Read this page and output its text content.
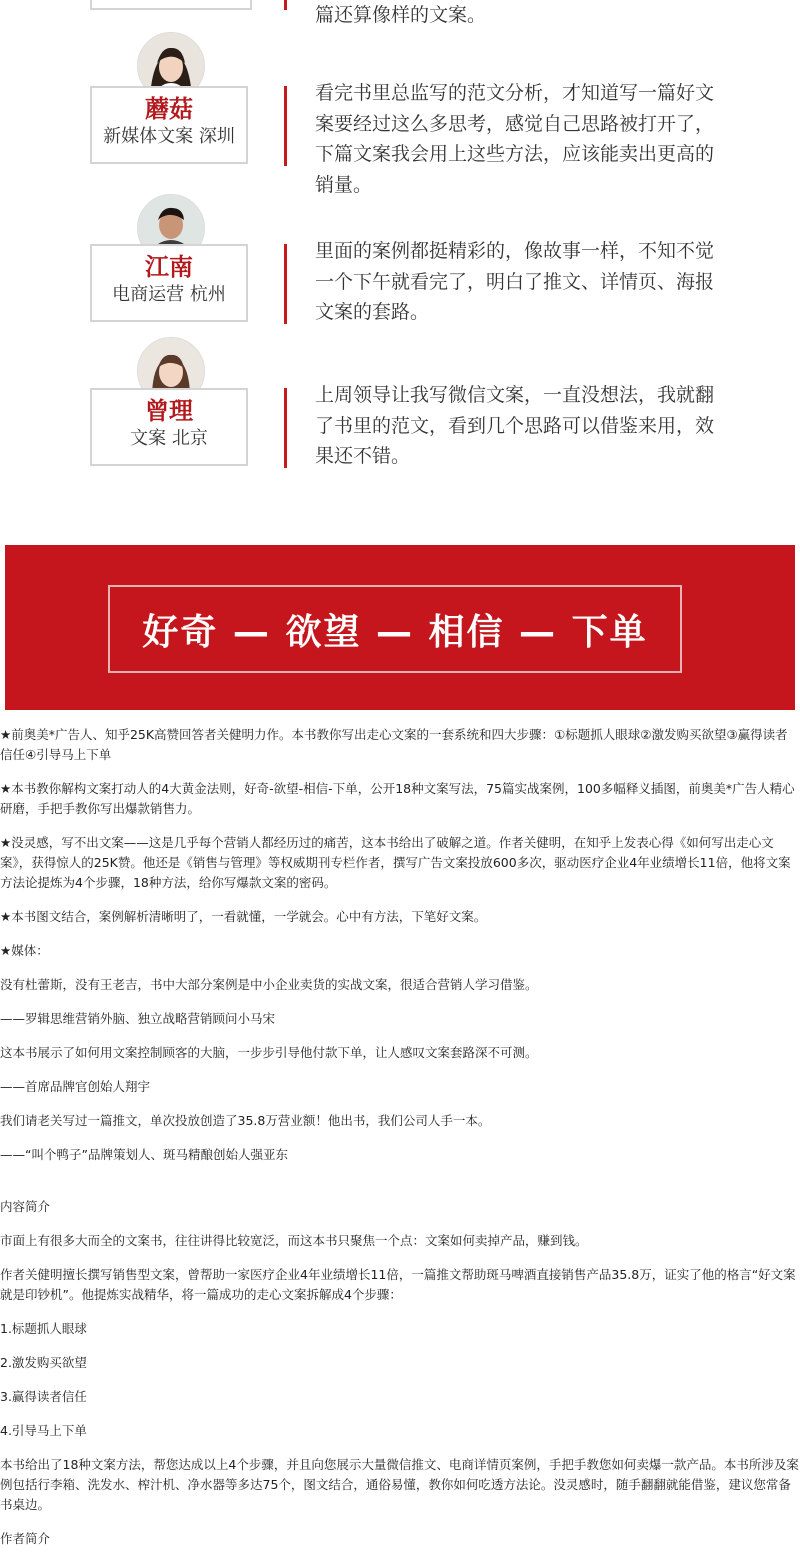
篇还算像样的文案。

蘑菇
新媒体文案 深圳

看完书里总监写的范文分析，才知道写一篇好文案要经过这么多思考，感觉自己思路被打开了，下篇文案我会用上这些方法，应该能卖出更高的销量。

江南
电商运营 杭州

里面的案例都挺精彩的，像故事一样，不知不觉一个下午就看完了，明白了推文、详情页、海报文案的套路。

曾理
文案 北京

上周领导让我写微信文案，一直没想法，我就翻了书里的范文，看到几个思路可以借鉴来用，效果还不错。

好奇 — 欲望 — 相信 — 下单

★前奥美*广告人、知乎25K高赞回答者关健明力作。本书教你写出走心文案的一套系统和四大步骤：①标题抓人眼球②激发购买欲望③赢得读者信任④引导马上下单

★本书教你解构文案打动人的4大黄金法则，好奇-欲望-相信-下单，公开18种文案写法，75篇实战案例，100多幅释义插图，前奥美*广告人精心研磨，手把手教你写出爆款销售力。

★没灵感，写不出文案——这是几乎每个营销人都经历过的痛苦，这本书给出了破解之道。作者关健明，在知乎上发表心得《如何写出走心文案》，获得惊人的25K赞。他还是《销售与管理》等权威期刊专栏作者，撰写广告文案投放600多次，驱动医疗企业4年业绩增长11倍，他将文案方法论提炼为4个步骤，18种方法，给你写爆款文案的密码。

★本书图文结合，案例解析清晰明了，一看就懂，一学就会。心中有方法，下笔好文案。

★媒体：

没有杜蕾斯，没有王老吉，书中大部分案例是中小企业卖货的实战文案，很适合营销人学习借鉴。

——罗辑思维营销外脑、独立战略营销顾问小马宋

这本书展示了如何用文案控制顾客的大脑，一步步引导他付款下单，让人感叹文案套路深不可测。

——首席品牌官创始人翔宇

我们请老关写过一篇推文，单次投放创造了35.8万营业额！他出书，我们公司人手一本。

——“叫个鸭子”品牌策划人、斑马精酿创始人强亚东

内容简介

市面上有很多大而全的文案书，往往讲得比较宽泛，而这本书只聚焦一个点：文案如何卖掉产品，赚到钱。

作者关健明擅长撰写销售型文案，曾帮助一家医疗企业4年业绩增长11倍，一篇推文帮助斑马啤酒直接销售产品35.8万，证实了他的格言“好文案就是印钞机”。他提炼实战精华，将一篇成功的走心文案拆解成4个步骤：

1.标题抓人眼球

2.激发购买欲望

3.赢得读者信任

4.引导马上下单

本书给出了18种文案方法，帮您达成以上4个步骤，并且向您展示大量微信推文、电商详情页案例，手把手教您如何卖爆一款产品。本书所涉及案例包括行李箱、洗发水、榨汁机、净水器等多达75个，图文结合，通俗易懂，教你如何吃透方法论。没灵感时，随手翻翻就能借鉴，建议您常备书桌边。

作者简介
